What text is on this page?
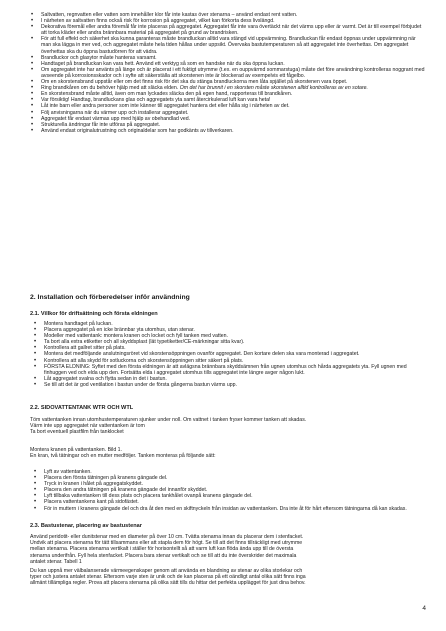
• Saltvatten, regnvatten eller vatten som innehåller klor får inte kastas över stenarna – använd endast rent vatten.
• I närheten av saltvatten finns också risk för korrosion på aggregatet, vilket kan förkorta dess livslängd.
• Dekorativa föremål eller andra föremål får inte placeras på aggregatet. Aggregatet får inte vara övertäckt när det värms upp eller är varmt. Det är till exempel förbjudet att torka kläder eller andra brännbara material på aggregatet på grund av brandrisken.
• För att full effekt och säkerhet ska kunna garanteras måste brandluckan alltid vara stängd vid uppvärmning. Brandluckan får endast öppnas under uppvärmning när man ska lägga in mer ved, och aggregatet måste hela tiden hållas under uppsikt. Övervaka bastutemperaturen så att aggregatet inte överhettas. Om aggregatet överhettas ska du öppna bastudörren för att vädra.
• Brandluckor och glasytor måste hanteras varsamt.
• Handtaget på brandluckan kan vara hett. Använd ett verktyg så som en handske när du ska öppna luckan.
• Om aggregatet inte har använts på länge och är placerat i ett fuktigt utrymme (t.ex. en ouppvärmd sommarstuga) måste det före användning kontrolleras noggrant med avseende på korrosionsskador och i syfte att säkerställa att skorstenen inte är blockerad av exempelvis ett fågelbo.
• Om en skorstensbrand uppstår eller om det finns risk för det ska du stänga brandluckorna men låta spjället på skorstenen vara öppet.
• Ring brandkåren om du behöver hjälp med att släcka elden. Om det har brunnit i en skorsten måste skorstenen alltid kontrolleras av en sotare.
• En skorstensbrand måste alltid, även om man lyckades släcka den på egen hand, rapporteras till brandkåren.
• Var försiktig! Handtag, brandluckans glas och aggregatets yta samt återcirkulerad luft kan vara heta!
• Låt inte barn eller andra personer som inte känner till aggregatet hantera det eller hålla sig i närheten av det.
• Följ anvisningarna när du värmer upp och installerar aggregatet.
• Aggregatet får endast värmas upp med hjälp av obehandlad ved.
• Strukturella ändringar får inte utföras på aggregatet.
• Använd endast originalutrustning och originaldelar som har godkänts av tillverkaren.
2. Installation och förberedelser inför användning
2.1. Villkor för driftsättning och första eldningen
• Montera handtaget på luckan.
• Placera aggregatet på en icke brännbar yta utomhus, utan stenar.
• Modeller med vattentank: montera kranen och locket och fyll tanken med vatten.
• Ta bort alla extra etiketter och all skyddsplast (lät typetiketter/CE-märkningar sitta kvar).
• Kontrollera att gallret sitter på plats.
• Montera det medföljande anslutningsröret vid skorstensöppningen ovanför aggregatet. Den kortare delen ska vara monterad i aggregatet.
• Kontrollera att alla skydd för sotluckorna och skorstensöppningen sitter säkert på plats.
• FÖRSTA ELDNING: Syftet med den första eldningen är att avlägsna brännbara skyddsämnen från ugnen utomhus och hårda aggregatets yta. Fyll ugnen med finhuggen ved och elda upp den. Fortsätta elda i aggregatet utomhus tills aggregatet inte längre avger någon lukt.
• Låt aggregatet svalna och flytta sedan in det i bastun.
• Se till att det är god ventilation i bastun under de första gångerna bastun värms upp.
2.2. SIDOVATTENTANK WTR OCH WTL

Töm vattentanken innan utomhustemperaturen sjunker under noll. Om vattnet i tanken fryser kommer tanken att skadas.

Värm inte upp aggregatet när vattentanken är tom

Ta bort eventuell plastfilm från tanklocket

Montera kranen på vattentanken. Bild 1.

En kran, två tätningar och en mutter medföljer. Tanken monteras på följande sätt:

• Lyft av vattentanken.
• Placera den första tätningen på kranens gängade del.
• Tryck in kranen i hålet på aggregatskyddet.
• Placera den andra tätningen på kranens gängade del innanför skyddet.
• Lyft tillbaka vattentanken till dess plats och placera tankhålet ovanpå kranens gängade del.
• Placera vattentankens kant på sidofästet.
• För in muttern i kranens gängade del och dra åt den med en skiftnyckeln från insidan av vattentanken. Dra inte åt för hårt eftersom tätningarna då kan skadas.
2.3. Bastustenar, placering av bastustenar

Använd peridotit- eller dunitstenar med en diameter på över 10 cm. Tvätta stenarna innan du placerar dem i stenfacket.

Undvik att placera stenarna för tätt tillsammans eller att stapla dem för högt. Se till att det finns tillräckligt med utrymme

mellan stenarna. Placera stenarna vertikalt i ställer för horisontellt så att varm luft kan flöda ända upp till de översta

stenarna underifrån. Fyll hela stenfacket. Placera bara stenar vertikalt och se till att du inte överskrider det maximala

antalet stenar. Tabell 1

Du kan uppnå mer välbalanserade värmeegenskaper genom att använda en blandning av stenar av olika storlekar och

typer och justera antalet stenar. Eftersom varje sten är unik och de kan placeras på ett oändligt antal olika sätt finns inga

allmänt tillämpliga regler. Prova att placera stenarna på olika sätt tills du hittar det perfekta upplägget för just dina behov.

4
